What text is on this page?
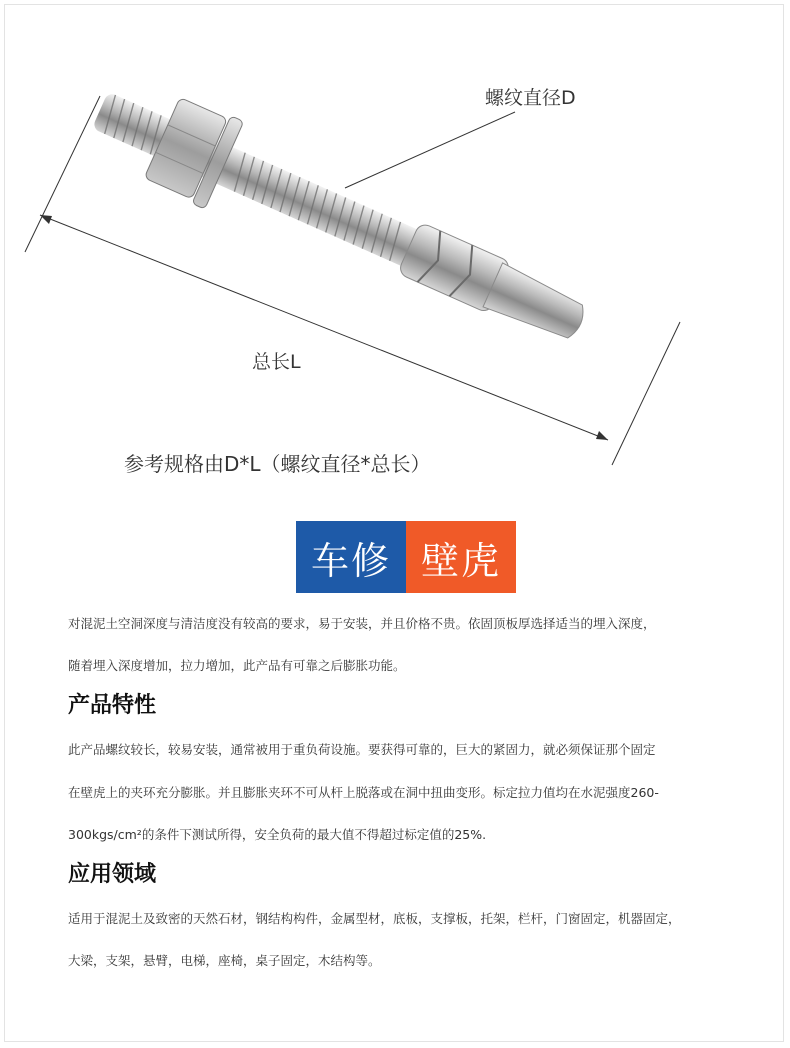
螺纹直径D
总长L
参考规格由D*L（螺纹直径*总长）
车修 壁虎
对混泥土空洞深度与清洁度没有较高的要求，易于安装，并且价格不贵。依固顶板厚选择适当的埋入深度，
随着埋入深度增加，拉力增加，此产品有可靠之后膨胀功能。
产品特性
此产品螺纹较长，较易安装，通常被用于重负荷设施。要获得可靠的，巨大的紧固力，就必须保证那个固定
在壁虎上的夹环充分膨胀。并且膨胀夹环不可从杆上脱落或在洞中扭曲变形。标定拉力值均在水泥强度260-
300kgs/cm²的条件下测试所得，安全负荷的最大值不得超过标定值的25%.
应用领域
适用于混泥土及致密的天然石材，钢结构构件，金属型材，底板，支撑板，托架，栏杆，门窗固定，机器固定，
大梁，支架，悬臂，电梯，座椅，桌子固定，木结构等。
